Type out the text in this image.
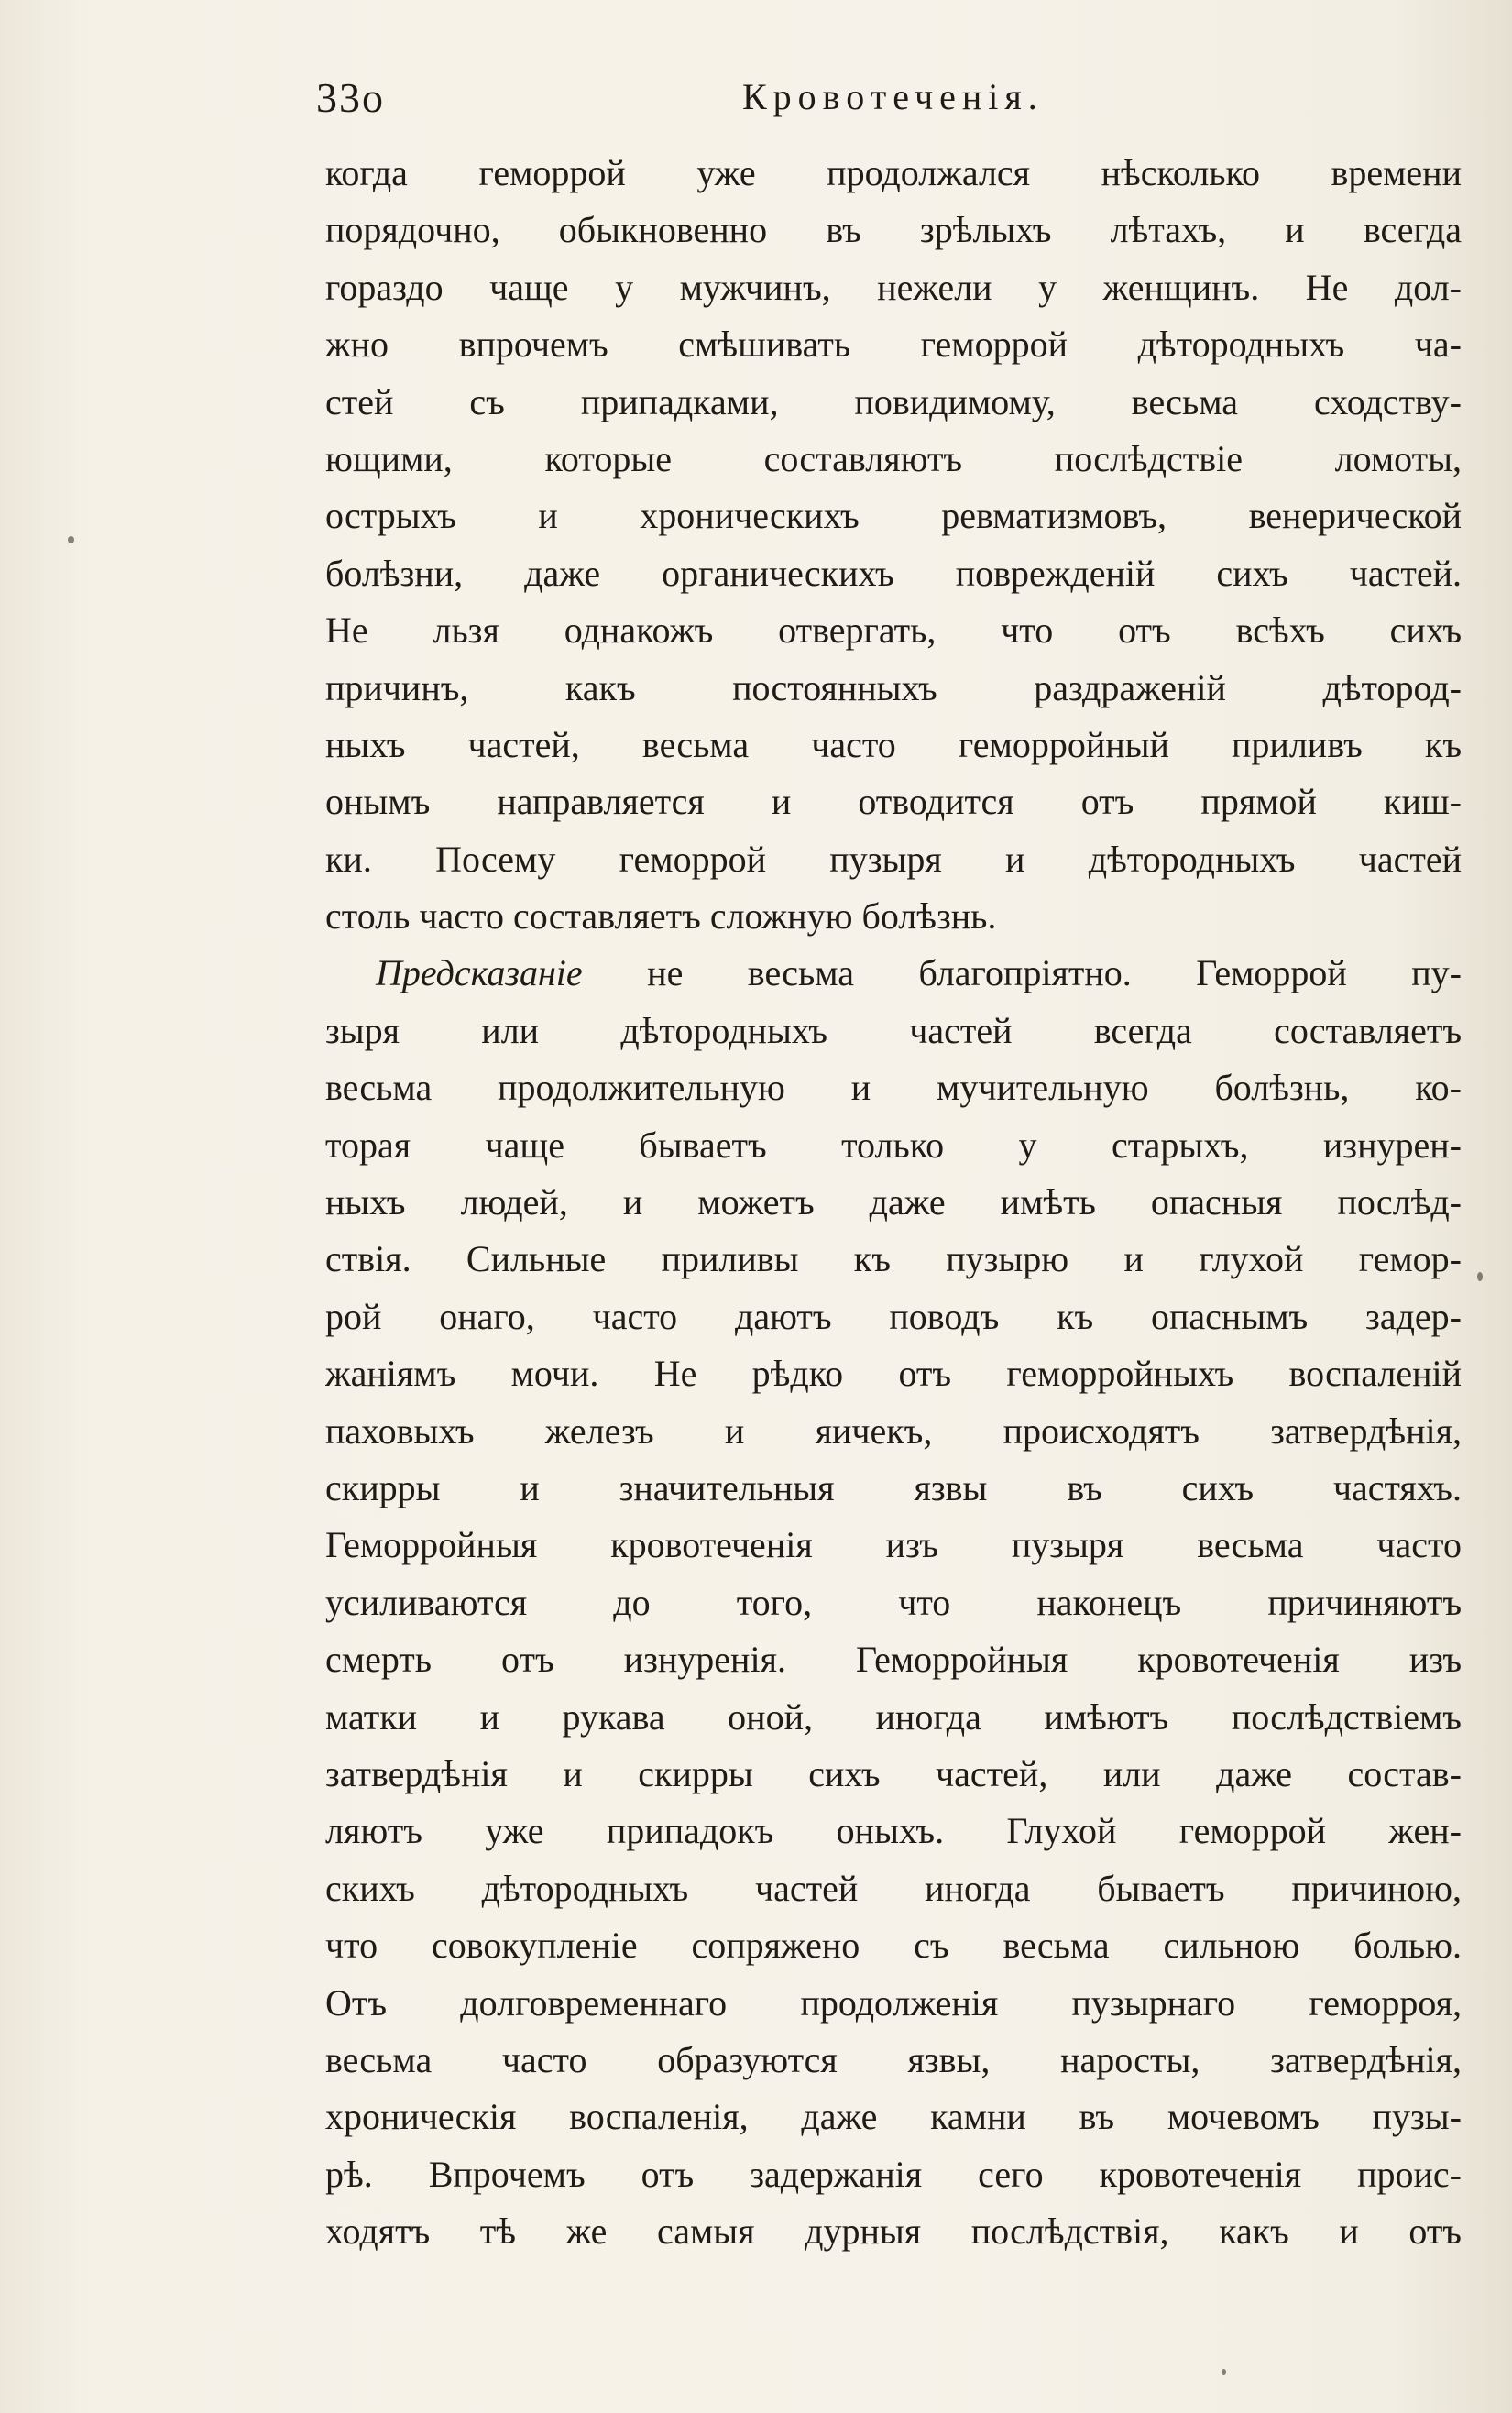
33о	Кровотеченія.
когда геморрой уже продолжался нѣсколько времени
порядочно, обыкновенно въ зрѣлыхъ лѣтахъ, и всегда
гораздо чаще у мужчинъ, нежели у женщинъ. Не дол-
жно впрочемъ смѣшивать геморрой дѣтородныхъ ча-
стей съ припадками, повидимому, весьма сходству-
ющими, которые составляютъ послѣдствіе ломоты,
острыхъ и хроническихъ ревматизмовъ, венерической
болѣзни, даже органическихъ поврежденій сихъ частей.
Не льзя однакожъ отвергать, что отъ всѣхъ сихъ
причинъ, какъ постоянныхъ раздраженій дѣтород-
ныхъ частей, весьма часто геморройный приливъ къ
онымъ направляется и отводится отъ прямой киш-
ки. Посему геморрой пузыря и дѣтородныхъ частей
столь часто составляетъ сложную болѣзнь.
Предсказаніе не весьма благопріятно. Геморрой пу-
зыря или дѣтородныхъ частей всегда составляетъ
весьма продолжительную и мучительную болѣзнь, ко-
торая чаще бываетъ только у старыхъ, изнурен-
ныхъ людей, и можетъ даже имѣть опасныя послѣд-
ствія. Сильные приливы къ пузырю и глухой гемор-
рой онаго, часто даютъ поводъ къ опаснымъ задер-
жаніямъ мочи. Не рѣдко отъ геморройныхъ воспаленій
паховыхъ железъ и яичекъ, происходятъ затвердѣнія,
скирры и значительныя язвы въ сихъ частяхъ.
Геморройныя кровотеченія изъ пузыря весьма часто
усиливаются до того, что наконецъ причиняютъ
смерть отъ изнуренія. Геморройныя кровотеченія изъ
матки и рукава оной, иногда имѣютъ послѣдствіемъ
затвердѣнія и скирры сихъ частей, или даже состав-
ляютъ уже припадокъ оныхъ. Глухой геморрой жен-
скихъ дѣтородныхъ частей иногда бываетъ причиною,
что совокупленіе сопряжено съ весьма сильною болью.
Отъ долговременнаго продолженія пузырнаго геморроя,
весьма часто образуются язвы, наросты, затвердѣнія,
хроническія воспаленія, даже камни въ мочевомъ пузы-
рѣ. Впрочемъ отъ задержанія сего кровотеченія проис-
ходятъ тѣ же самыя дурныя послѣдствія, какъ и отъ
